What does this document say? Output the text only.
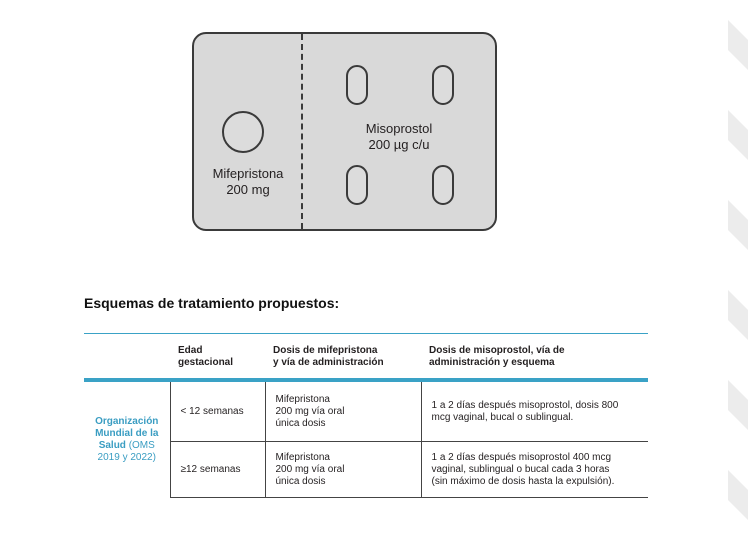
Mifepristona
200 mg
Misoprostol
200 µg c/u
Esquemas de tratamiento propuestos:
	Edad
gestacional	Dosis de mifepristona
y vía de administración	Dosis de misoprostol, vía de
administración y esquema
Organización
Mundial de la
Salud (OMS
2019 y 2022)	< 12 semanas	Mifepristona
200 mg vía oral
única dosis	1 a 2 días después misoprostol, dosis 800
mcg vaginal, bucal o sublingual.
	≥12 semanas	Mifepristona
200 mg vía oral
única dosis	1 a 2 días después misoprostol 400 mcg
vaginal, sublingual o bucal cada 3 horas
(sin máximo de dosis hasta la expulsión).
